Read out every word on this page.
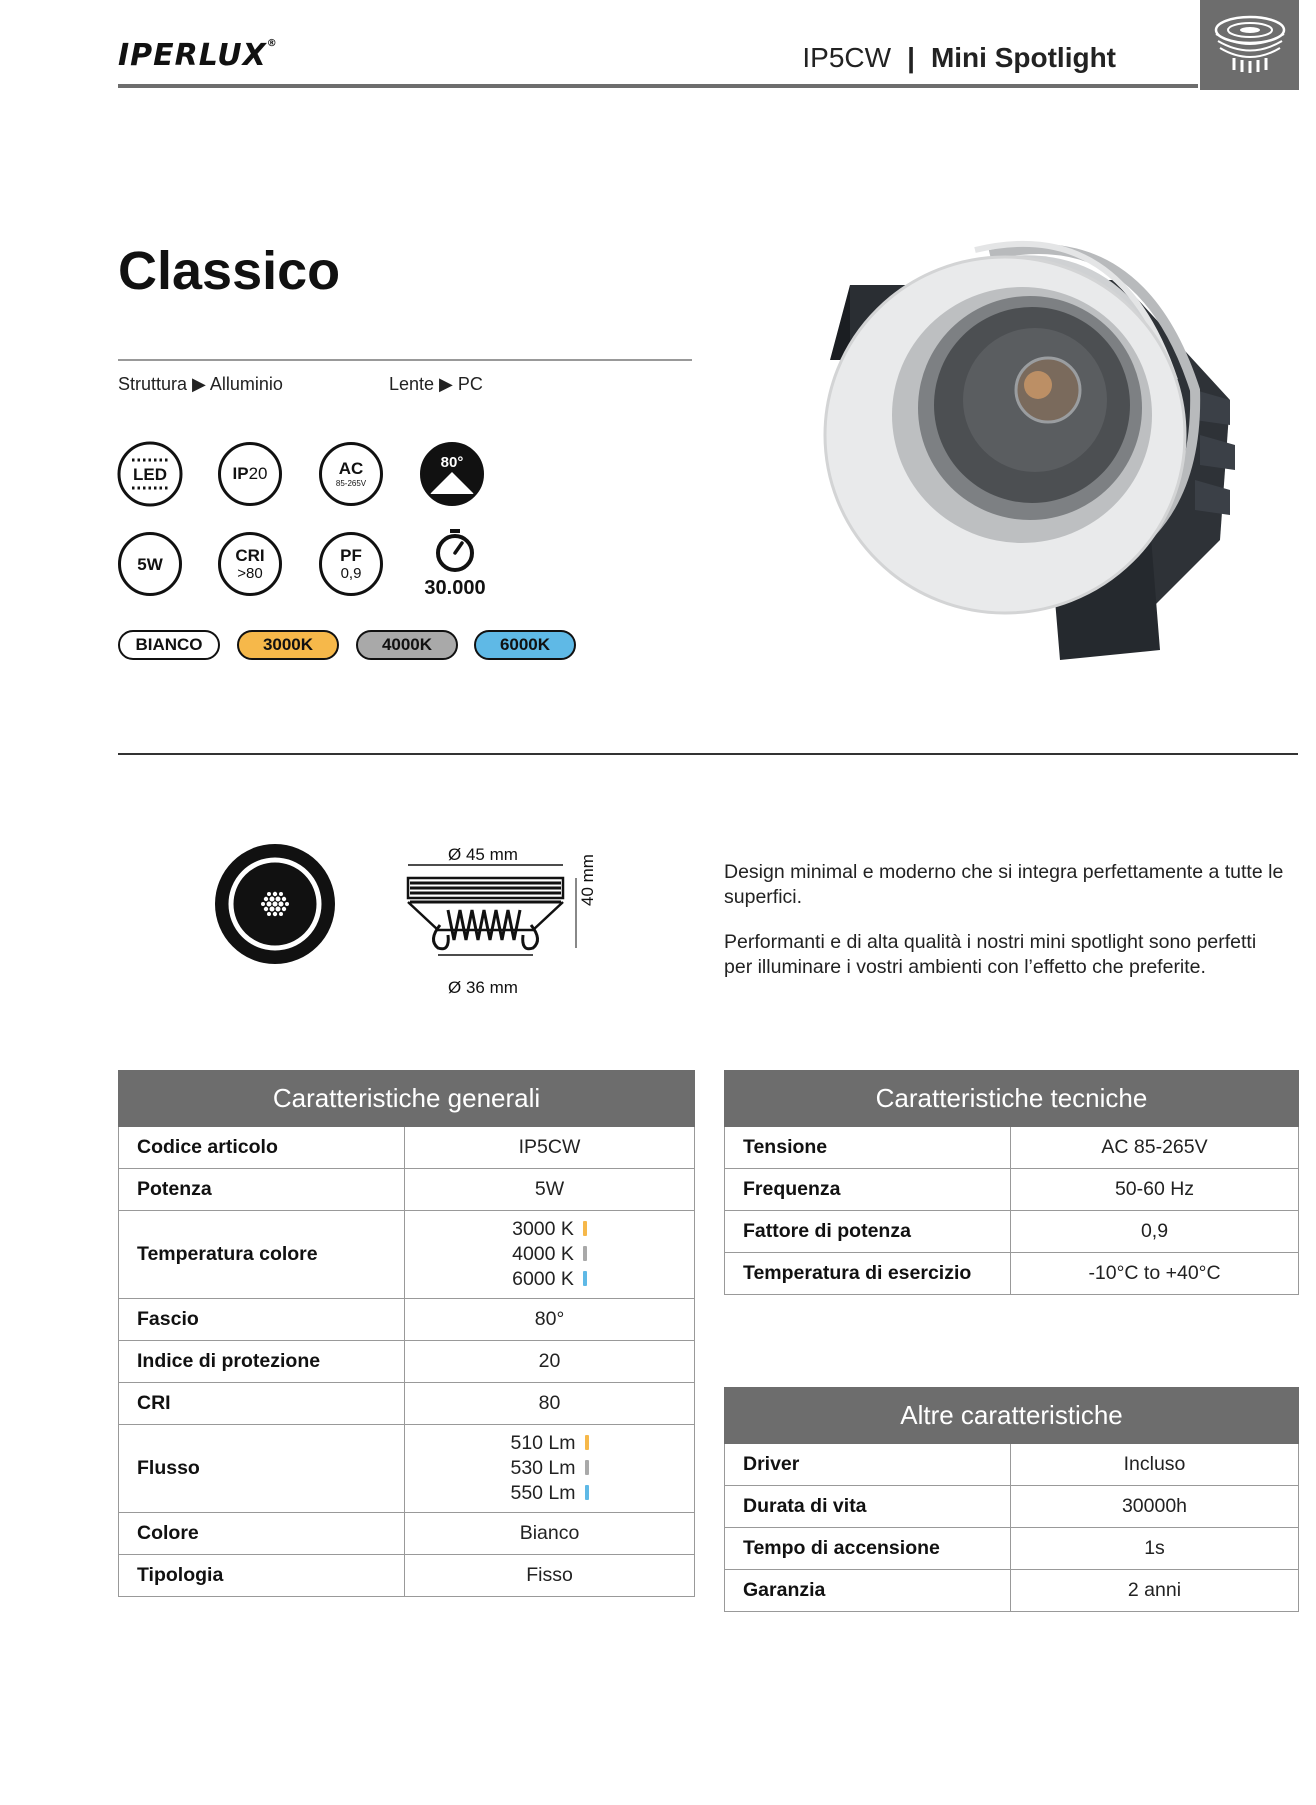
IPERLUX®	IP5CW | Mini Spotlight
Classico
Struttura ▶ Alluminio	Lente ▶ PC
LED	IP20	AC
85-265V
80°
5W	CRI
>80
PF
0,9
30.000
BIANCO	3000K	4000K	6000K
Ø 45 mm
Ø 36 mm
40 mm	Design minimal e moderno che si integra perfettamente a tutte le superfici.
Performanti e di alta qualità i nostri mini spotlight sono perfetti per illuminare i vostri ambienti con l’effetto che preferite.
Caratteristiche generali	
Codice articolo	IP5CW
Potenza	5W
Temperatura colore	3000 K
4000 K
6000 K

Fascio	80°
Indice di protezione	20
CRI	80
Flusso	510 Lm
530 Lm
550 Lm

Colore	Bianco
Tipologia	Fisso
Caratteristiche tecniche	
Tensione	AC 85-265V
Frequenza	50-60 Hz
Fattore di potenza	0,9
Temperatura di esercizio	-10°C to +40°C
Altre caratteristiche	
Driver	Incluso
Durata di vita	30000h
Tempo di accensione	1s
Garanzia	2 anni
